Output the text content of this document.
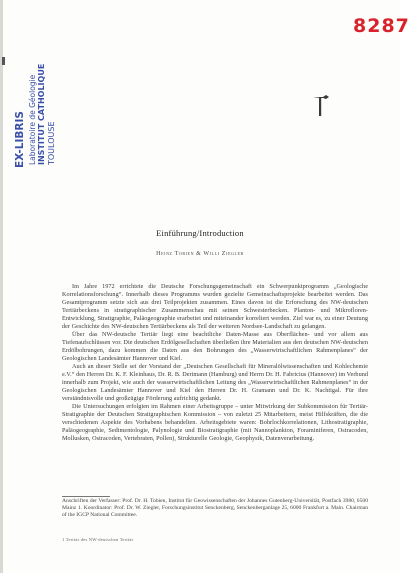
8287
EX-LIBRIS Laboratoire de Géologie INSTITUT CATHOLIQUE TOULOUSE
Einführung/Introduction
Heinz Tobien & Willi Ziegler

Im Jahre 1972 errichtete die Deutsche Forschungsgemeinschaft ein Schwerpunktprogramm „Geologische Korrelationsforschung“. Innerhalb dieses Programms wurden gezielte Gemeinschaftsprojekte bearbeitet werden. Das Gesamtprogramm setzte sich aus drei Teilprojekten zusammen. Eines davon ist die Erforschung des NW-deutschen Tertiärbeckens in stratigraphischer Zusammenschau mit seinen Schwesterbecken. Planton- und Mikrofloren-Entwicklung, Stratigraphie, Paläogeographie erarbeitet und miteinander korreliert werden. Ziel war es, zu einer Deutung der Geschichte des NW-deutschen Tertiärbeckens als Teil der weiteren Nordsee-Landschaft zu gelangen.

Über das NW-deutsche Tertiär liegt eine beachtliche Daten-Masse aus Oberflächen- und vor allem aus Tiefenaufschlüssen vor. Die deutschen Erdölgesellschaften überließen ihre Materialien aus den deutschen NW-deutschen Erdölbohrungen, dazu kommen die Daten aus den Bohrungen des „Wasserwirtschaftlichen Rahmenplanes“ der Geologischen Landesämter Hannover und Kiel.

Auch an dieser Stelle sei der Vorstand der „Deutschen Gesellschaft für Mineralölwissenschaften und Kohlechemie e.V.“ den Herren Dr. K. F. Kleinhaus, Dr. R. B. Derimann (Hamburg) und Herrn Dr. H. Fabricius (Hannover) im Verbund innerhalb zum Projekt, wie auch der wasserwirtschaftlichen Leitung des „Wasserwirtschaftlichen Rahmenplanes“ in der Geologischen Landesämter Hannover und Kiel den Herren Dr. H. Gramann und Dr. K. Nachtigal. Für ihre verständnisvolle und großzügige Förderung aufrichtig gedankt.

Die Untersuchungen erfolgten im Rahmen einer Arbeitsgruppe – unter Mitwirkung der Subkommission für Tertiär-Stratigraphie der Deutschen Stratigraphischen Kommission – von zuletzt 25 Mitarbeitern, meist Hilfskräften, die die verschiedenen Aspekte des Vorhabens behandelten. Arbeitsgebiete waren: Bohrlochkorrelationen, Lithostratigraphie, Paläogeographie, Sedimentologie, Palynologie und Biostratigraphie (mit Nannoplankton, Foraminiferen, Ostracoden, Mollusken, Ostracoden, Vertebraten, Pollen), Strukturelle Geologie, Geophysik, Datenverarbeitung.

Anschriften der Verfasser: Prof. Dr. H. Tobien, Institut für Geowissenschaften der Johannes Gutenberg-Universität, Postfach 3980, 6500 Mainz 1. Koordinator: Prof. Dr. W. Ziegler, Forschungsinstitut Senckenberg, Senckenberganlage 25, 6000 Frankfurt a. Main. Chairman of the IGCP National Committee.
1 Tertiär des NW-deutschen Tertiär
